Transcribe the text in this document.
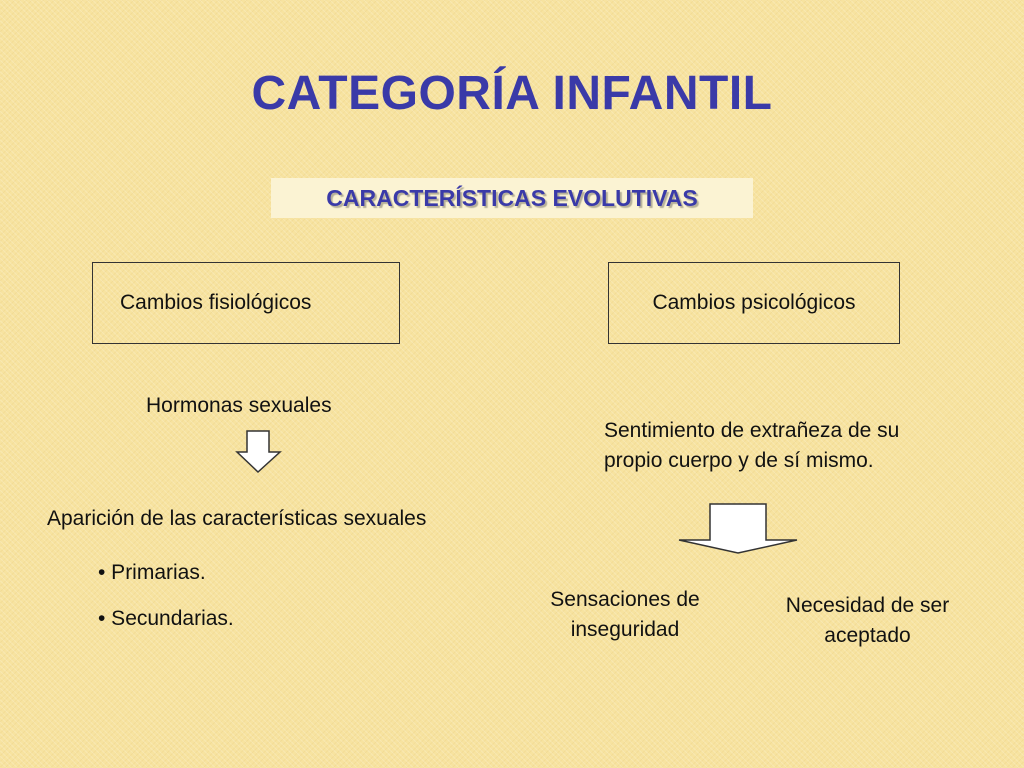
CATEGORÍA INFANTIL
CARACTERÍSTICAS EVOLUTIVAS
Cambios fisiológicos	Cambios psicológicos
Hormonas sexuales
Aparición de las características sexuales
• Primarias.
• Secundarias.
Sentimiento de extrañeza de su
propio cuerpo y de sí mismo.
Sensaciones de
inseguridad
Necesidad de ser
aceptado
